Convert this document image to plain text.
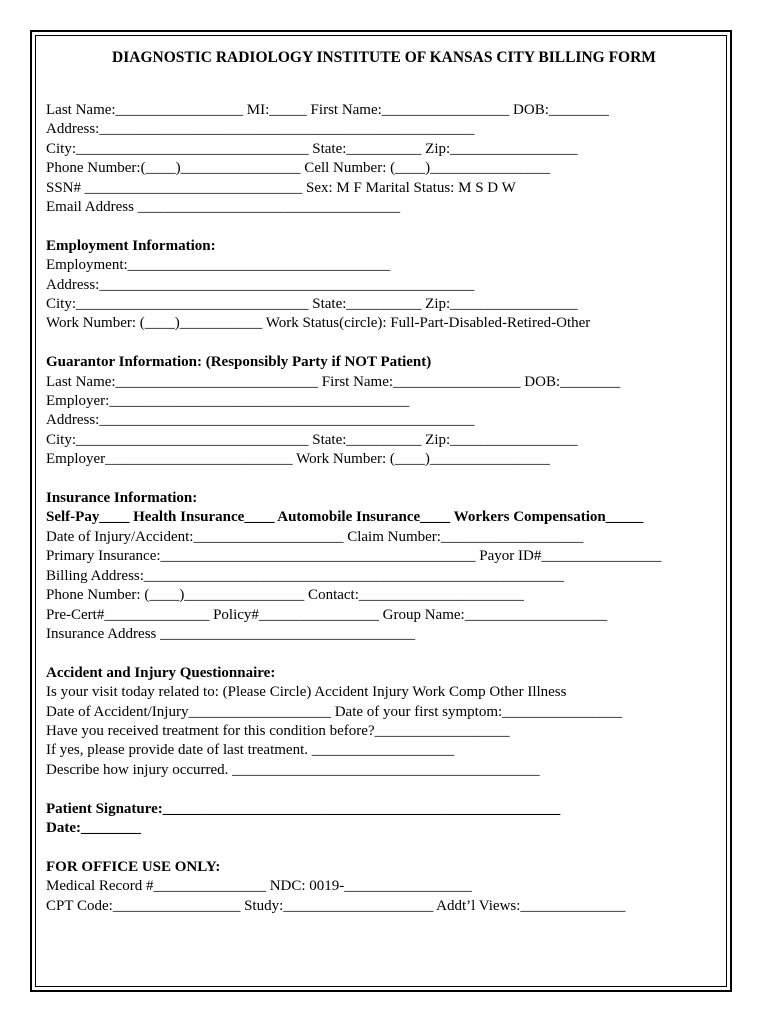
DIAGNOSTIC RADIOLOGY INSTITUTE OF KANSAS CITY BILLING FORM

Last Name:_________________ MI:_____ First Name:_________________ DOB:________

Address:__________________________________________________

City:_______________________________ State:__________ Zip:_________________

Phone Number:(____)________________ Cell Number: (____)________________

SSN# _____________________________ Sex: M F Marital Status: M S D W

Email Address ___________________________________

Employment Information:

Employment:___________________________________

Address:__________________________________________________

City:_______________________________ State:__________ Zip:_________________

Work Number: (____)___________ Work Status(circle): Full-Part-Disabled-Retired-Other

Guarantor Information: (Responsibly Party if NOT Patient)

Last Name:___________________________ First Name:_________________ DOB:________

Employer:________________________________________

Address:__________________________________________________

City:_______________________________ State:__________ Zip:_________________

Employer_________________________ Work Number: (____)________________

Insurance Information:

Self-Pay____ Health Insurance____ Automobile Insurance____ Workers Compensation_____

Date of Injury/Accident:____________________ Claim Number:___________________

Primary Insurance:__________________________________________ Payor ID#________________

Billing Address:________________________________________________________

Phone Number: (____)________________ Contact:______________________

Pre-Cert#______________ Policy#________________ Group Name:___________________

Insurance Address __________________________________

Accident and Injury Questionnaire:

Is your visit today related to: (Please Circle) Accident Injury Work Comp Other Illness

Date of Accident/Injury___________________ Date of your first symptom:________________

Have you received treatment for this condition before?__________________

If yes, please provide date of last treatment. ___________________

Describe how injury occurred. _________________________________________

Patient Signature:_____________________________________________________

Date:________

FOR OFFICE USE ONLY:

Medical Record #_______________ NDC: 0019-_________________

CPT Code:_________________ Study:____________________ Addt’l Views:______________
